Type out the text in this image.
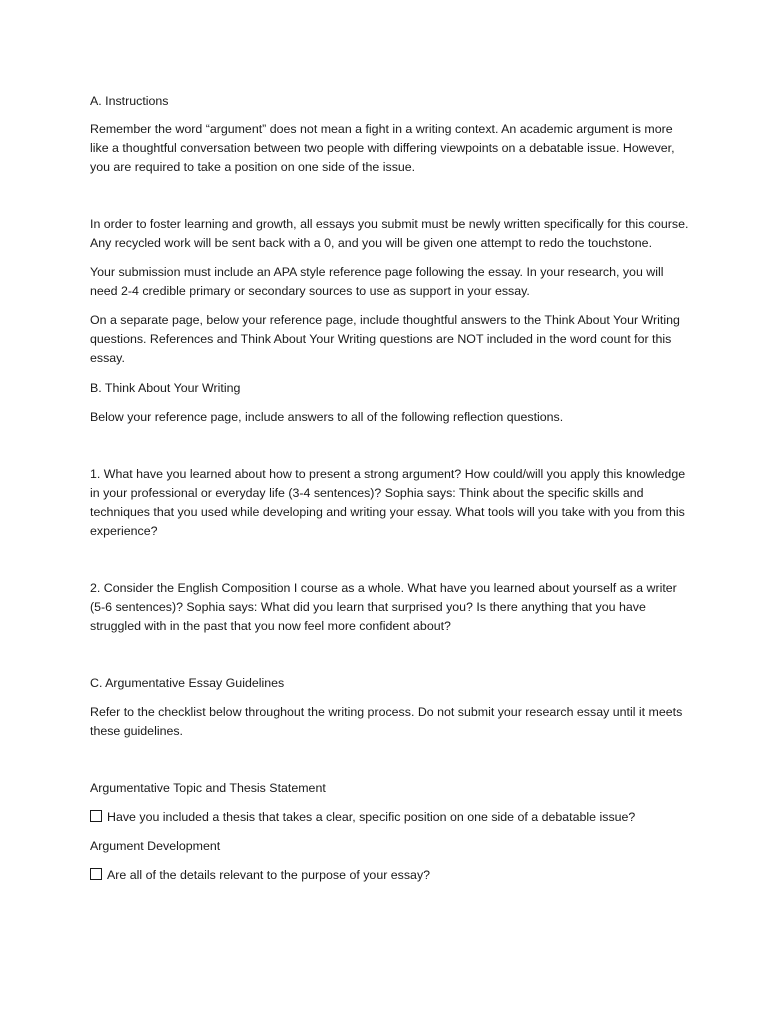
A. Instructions

Remember the word “argument” does not mean a fight in a writing context. An academic argument is more like a thoughtful conversation between two people with differing viewpoints on a debatable issue. However, you are required to take a position on one side of the issue.

In order to foster learning and growth, all essays you submit must be newly written specifically for this course. Any recycled work will be sent back with a 0, and you will be given one attempt to redo the touchstone.

Your submission must include an APA style reference page following the essay. In your research, you will need 2-4 credible primary or secondary sources to use as support in your essay.

On a separate page, below your reference page, include thoughtful answers to the Think About Your Writing questions. References and Think About Your Writing questions are NOT included in the word count for this essay.

B. Think About Your Writing

Below your reference page, include answers to all of the following reflection questions.

1. What have you learned about how to present a strong argument? How could/will you apply this knowledge in your professional or everyday life (3-4 sentences)? Sophia says: Think about the specific skills and techniques that you used while developing and writing your essay. What tools will you take with you from this experience?

2. Consider the English Composition I course as a whole. What have you learned about yourself as a writer (5-6 sentences)? Sophia says: What did you learn that surprised you? Is there anything that you have struggled with in the past that you now feel more confident about?

C. Argumentative Essay Guidelines

Refer to the checklist below throughout the writing process. Do not submit your research essay until it meets these guidelines.

Argumentative Topic and Thesis Statement

Have you included a thesis that takes a clear, specific position on one side of a debatable issue?

Argument Development

Are all of the details relevant to the purpose of your essay?
